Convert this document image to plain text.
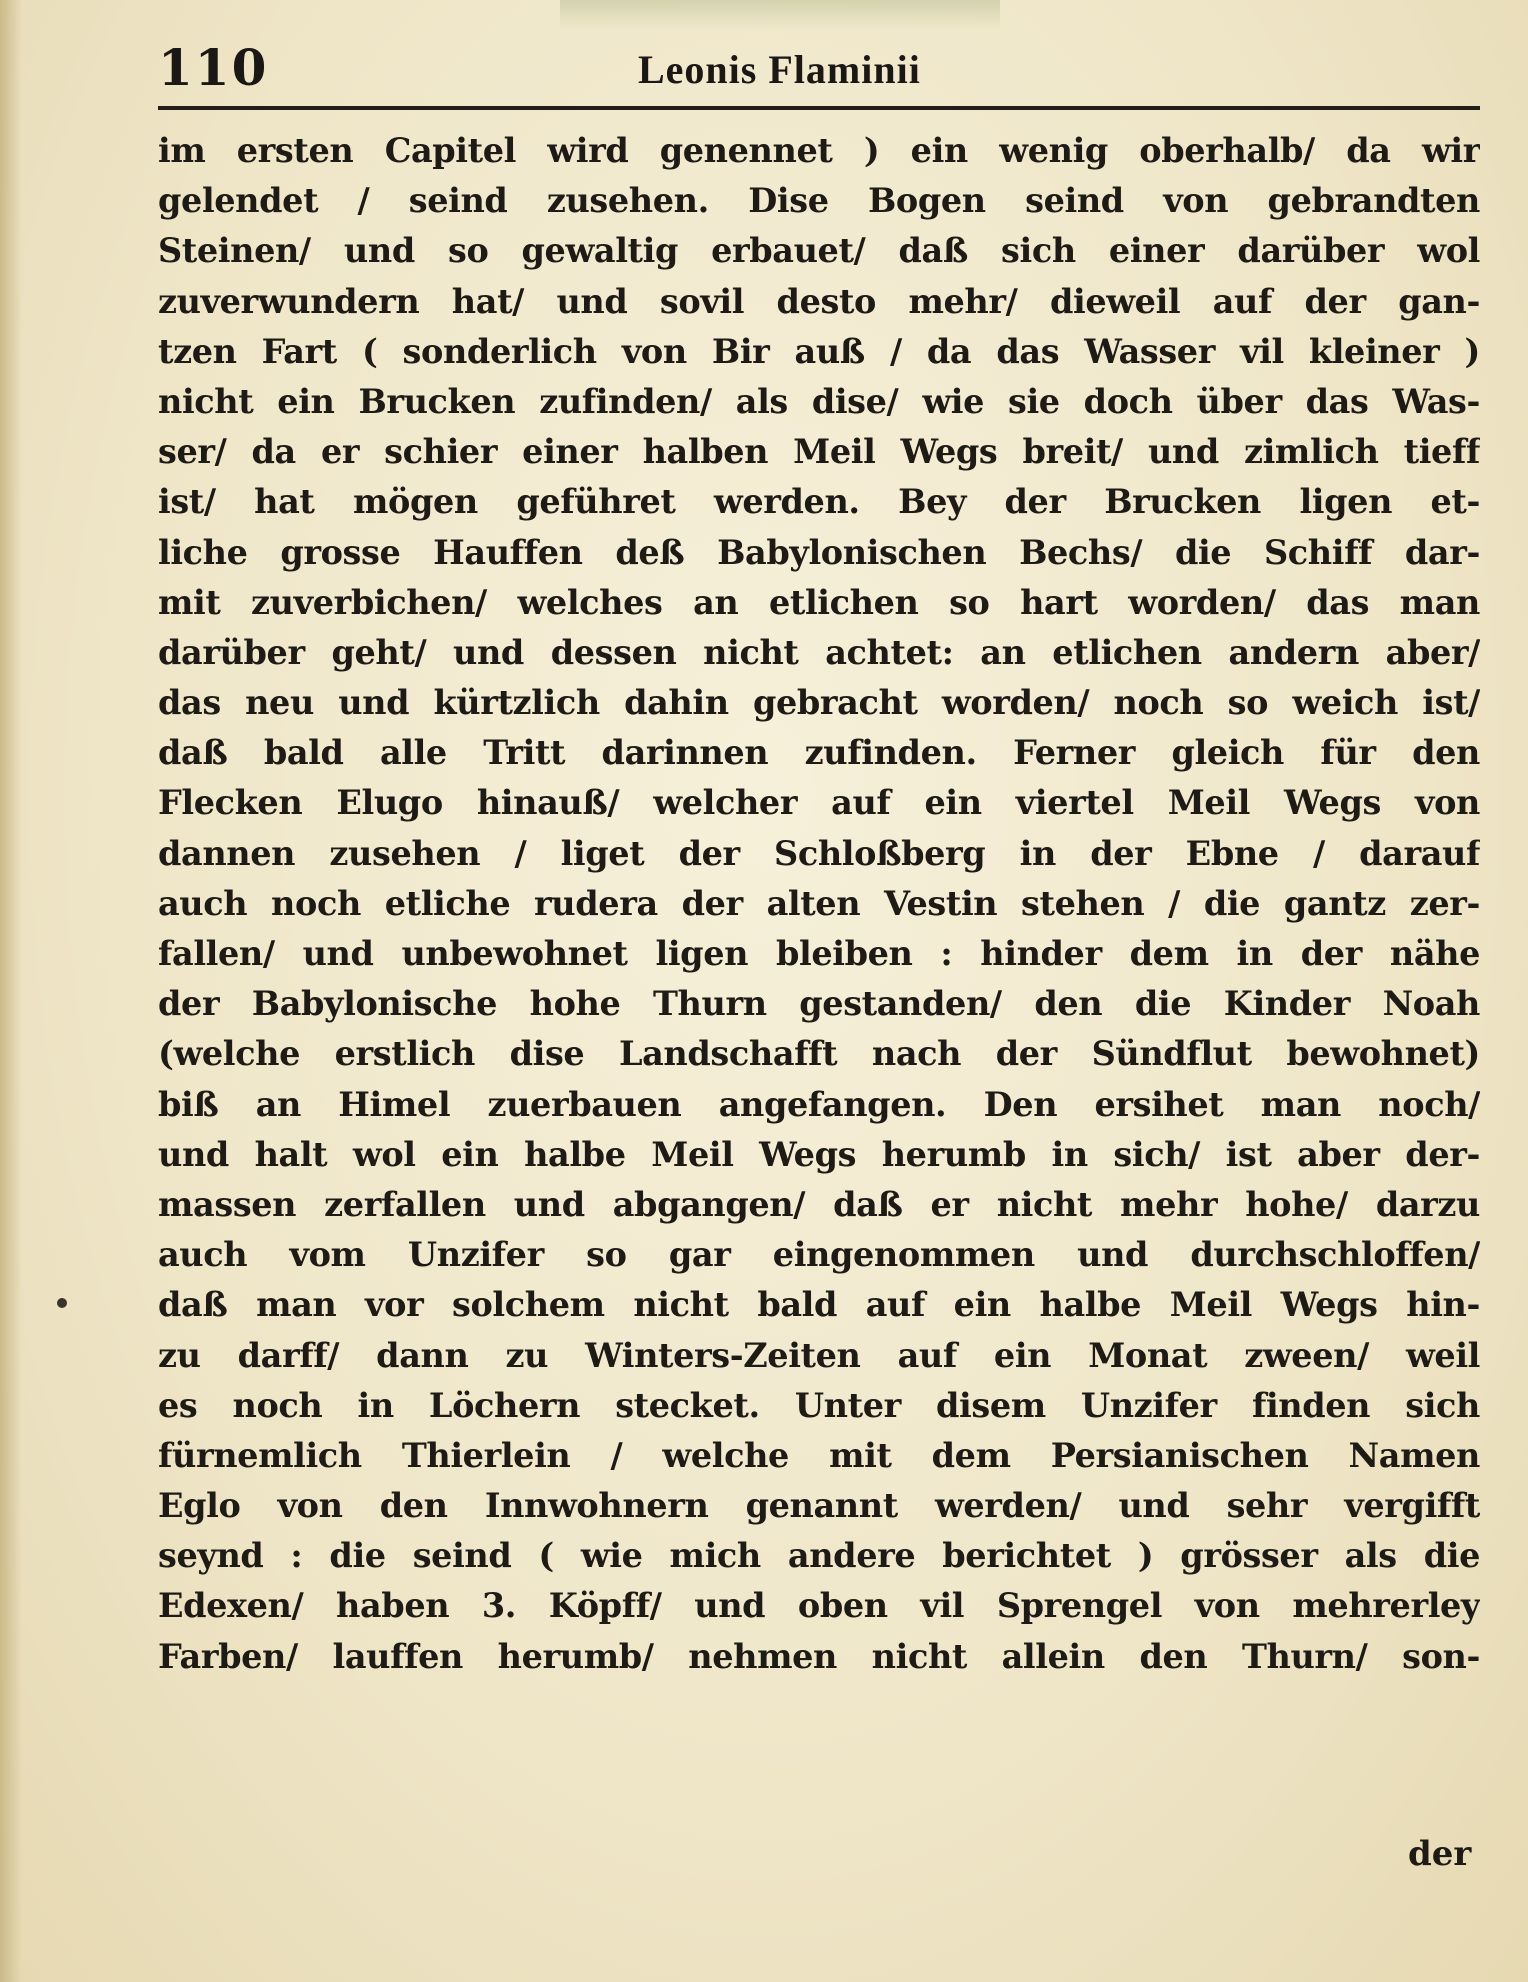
110	Leonis Flaminii
im ersten Capitel wird genennet ) ein wenig oberhalb/ da wir
gelendet / seind zusehen. Dise Bogen seind von gebrandten
Steinen/ und so gewaltig erbauet/ daß sich einer darüber wol
zuverwundern hat/ und sovil desto mehr/ dieweil auf der gan-
tzen Fart ( sonderlich von Bir auß / da das Wasser vil kleiner )
nicht ein Brucken zufinden/ als dise/ wie sie doch über das Was-
ser/ da er schier einer halben Meil Wegs breit/ und zimlich tieff
ist/ hat mögen geführet werden. Bey der Brucken ligen et-
liche grosse Hauffen deß Babylonischen Bechs/ die Schiff dar-
mit zuverbichen/ welches an etlichen so hart worden/ das man
darüber geht/ und dessen nicht achtet: an etlichen andern aber/
das neu und kürtzlich dahin gebracht worden/ noch so weich ist/
daß bald alle Tritt darinnen zufinden. Ferner gleich für den
Flecken Elugo hinauß/ welcher auf ein viertel Meil Wegs von
dannen zusehen / liget der Schloßberg in der Ebne / darauf
auch noch etliche rudera der alten Vestin stehen / die gantz zer-
fallen/ und unbewohnet ligen bleiben : hinder dem in der nähe
der Babylonische hohe Thurn gestanden/ den die Kinder Noah
(welche erstlich dise Landschafft nach der Sündflut bewohnet)
biß an Himel zuerbauen angefangen. Den ersihet man noch/
und halt wol ein halbe Meil Wegs herumb in sich/ ist aber der-
massen zerfallen und abgangen/ daß er nicht mehr hohe/ darzu
auch vom Unzifer so gar eingenommen und durchschloffen/
daß man vor solchem nicht bald auf ein halbe Meil Wegs hin-
zu darff/ dann zu Winters-Zeiten auf ein Monat zween/ weil
es noch in Löchern stecket. Unter disem Unzifer finden sich
fürnemlich Thierlein / welche mit dem Persianischen Namen
Eglo von den Innwohnern genannt werden/ und sehr vergifft
seynd : die seind ( wie mich andere berichtet ) grösser als die
Edexen/ haben 3. Köpff/ und oben vil Sprengel von mehrerley
Farben/ lauffen herumb/ nehmen nicht allein den Thurn/ son-
der
